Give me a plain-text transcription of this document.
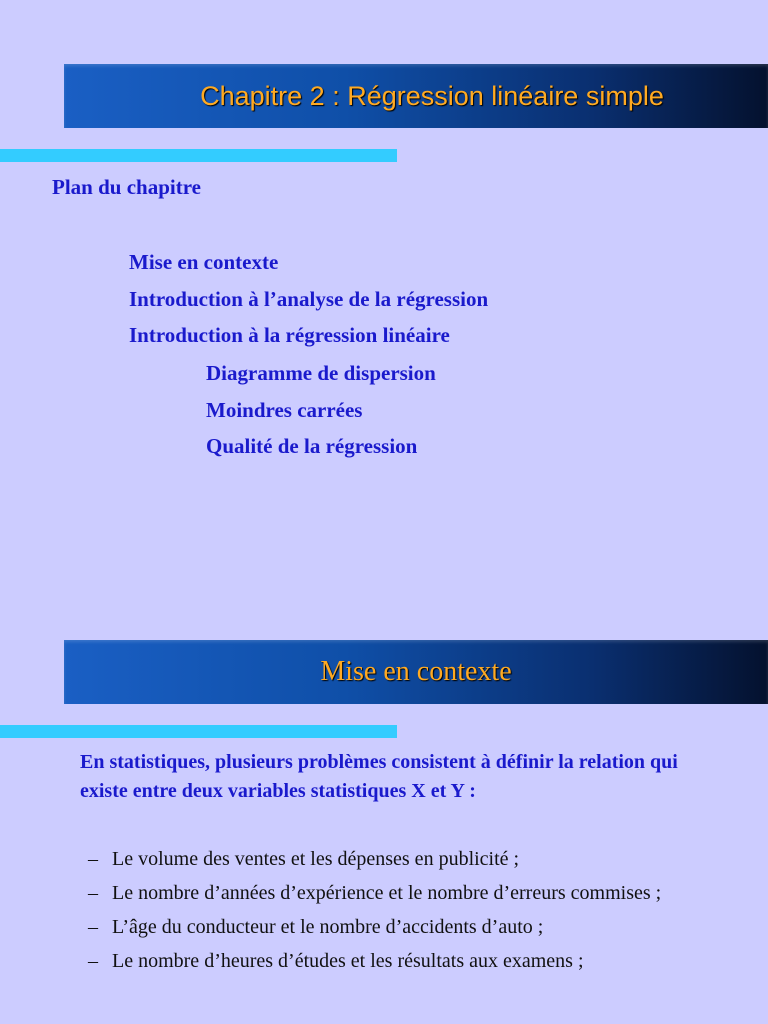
Chapitre 2 : Régression linéaire simple
Plan du chapitre
Mise en contexte
Introduction à l’analyse de la régression
Introduction à la régression linéaire
Diagramme de dispersion
Moindres carrées
Qualité de la régression
Mise en contexte
En statistiques, plusieurs problèmes consistent à définir la relation qui existe entre deux variables statistiques X et Y :
– Le volume des ventes et les dépenses en publicité ;
– Le nombre d’années d’expérience et le nombre d’erreurs commises ;
– L’âge du conducteur et le nombre d’accidents d’auto ;
– Le nombre d’heures d’études et les résultats aux examens ;
